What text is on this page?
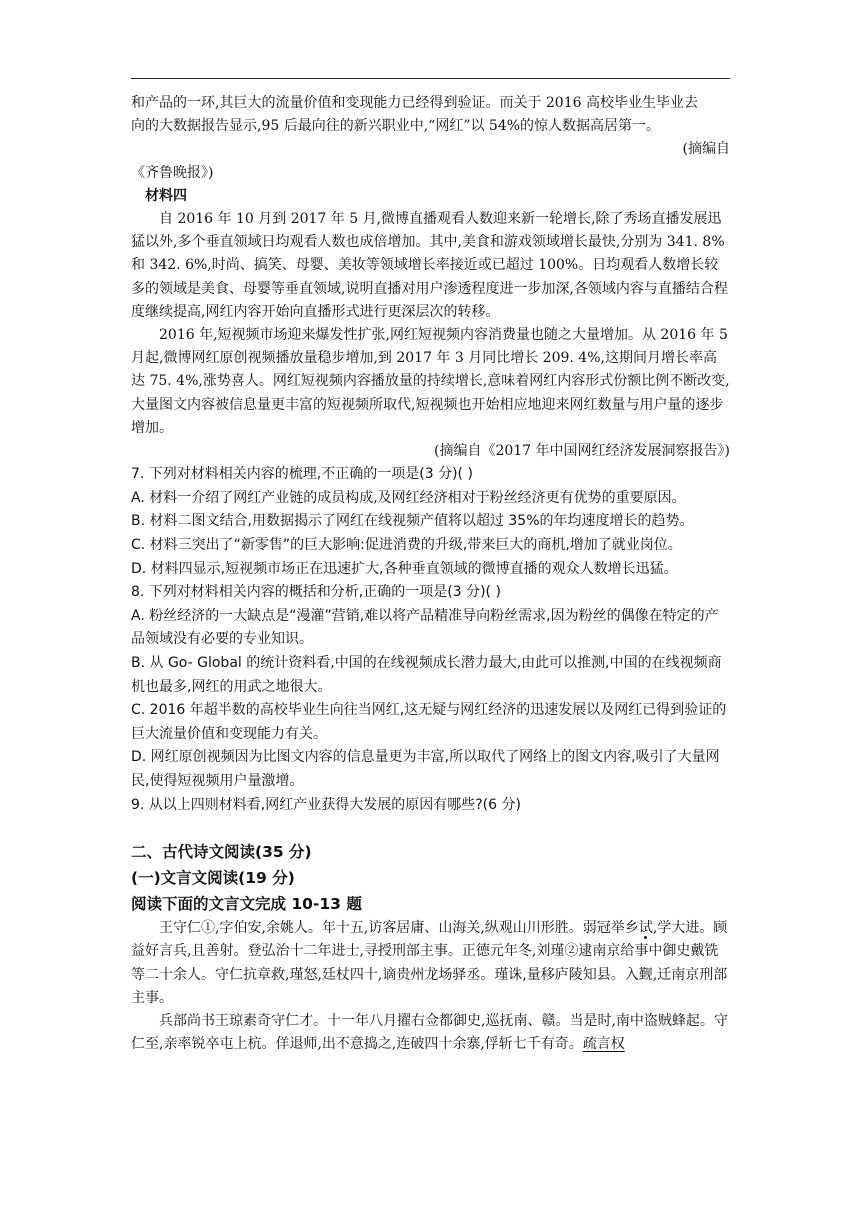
和产品的一环,其巨大的流量价值和变现能力已经得到验证。而关于 2016 高校毕业生毕业去

向的大数据报告显示,95 后最向往的新兴职业中,“网红”以 54%的惊人数据高居第一。

(摘编自

《齐鲁晚报》)

材料四

自 2016 年 10 月到 2017 年 5 月,微博直播观看人数迎来新一轮增长,除了秀场直播发展迅猛以外,多个垂直领域日均观看人数也成倍增加。其中,美食和游戏领域增长最快,分别为 341. 8%和 342. 6%,时尚、搞笑、母婴、美妆等领域增长率接近或已超过 100%。日均观看人数增长较多的领域是美食、母婴等垂直领域,说明直播对用户渗透程度进一步加深,各领域内容与直播结合程度继续提高,网红内容开始向直播形式进行更深层次的转移。

2016 年,短视频市场迎来爆发性扩张,网红短视频内容消费量也随之大量增加。从 2016 年 5 月起,微博网红原创视频播放量稳步增加,到 2017 年 3 月同比增长 209. 4%,这期间月增长率高达 75. 4%,涨势喜人。网红短视频内容播放量的持续增长,意味着网红内容形式份额比例不断改变,大量图文内容被信息量更丰富的短视频所取代,短视频也开始相应地迎来网红数量与用户量的逐步增加。

(摘编自《2017 年中国网红经济发展洞察报告》)

7. 下列对材料相关内容的梳理,不正确的一项是(3 分)( )

A. 材料一介绍了网红产业链的成员构成,及网红经济相对于粉丝经济更有优势的重要原因。

B. 材料二图文结合,用数据揭示了网红在线视频产值将以超过 35%的年均速度增长的趋势。

C. 材料三突出了“新零售”的巨大影响:促进消费的升级,带来巨大的商机,增加了就业岗位。

D. 材料四显示,短视频市场正在迅速扩大,各种垂直领域的微博直播的观众人数增长迅猛。

8. 下列对材料相关内容的概括和分析,正确的一项是(3 分)( )

A. 粉丝经济的一大缺点是“漫灌”营销,难以将产品精准导向粉丝需求,因为粉丝的偶像在特定的产品领域没有必要的专业知识。

B. 从 Go- Global 的统计资料看,中国的在线视频成长潜力最大,由此可以推测,中国的在线视频商机也最多,网红的用武之地很大。

C. 2016 年超半数的高校毕业生向往当网红,这无疑与网红经济的迅速发展以及网红已得到验证的巨大流量价值和变现能力有关。

D. 网红原创视频因为比图文内容的信息量更为丰富,所以取代了网络上的图文内容,吸引了大量网民,使得短视频用户量激增。

9. 从以上四则材料看,网红产业获得大发展的原因有哪些?(6 分)

二、古代诗文阅读(35 分)

(一)文言文阅读(19 分)

阅读下面的文言文完成 10-13 题

王守仁①,字伯安,余姚人。年十五,访客居庸、山海关,纵观山川形胜。弱冠举乡试,学大进。顾益好言兵,且善射。登弘治十二年进士,寻授刑部主事。正德元年冬,刘瑾②逮南京给事中御史戴铣等二十余人。守仁抗章救,瑾怒,廷杖四十,谪贵州龙场驿丞。瑾诛,量移庐陵知县。入觐,迁南京刑部主事。

兵部尚书王琼素奇守仁才。十一年八月擢右佥都御史,巡抚南、赣。当是时,南中盗贼蜂起。守仁至,亲率锐卒屯上杭。佯退师,出不意捣之,连破四十余寨,俘斩七千有奇。疏言权
